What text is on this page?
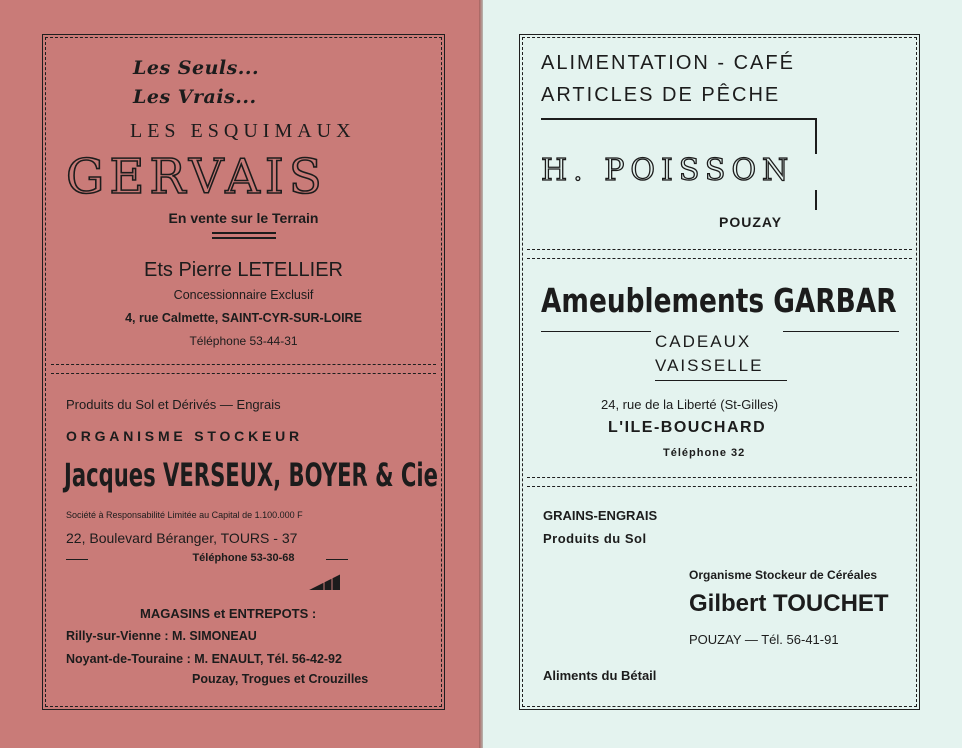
Les Seuls...
Les Vrais...
LES ESQUIMAUX
GERVAIS
En vente sur le Terrain
Ets Pierre LETELLIER
Concessionnaire Exclusif
4, rue Calmette, SAINT-CYR-SUR-LOIRE
Téléphone 53-44-31
Produits du Sol et Dérivés — Engrais
ORGANISME STOCKEUR
Jacques VERSEUX, BOYER & Cie
Société à Responsabilité Limitée au Capital de 1.100.000 F
22, Boulevard Béranger, TOURS - 37
Téléphone 53-30-68
MAGASINS et ENTREPOTS :
Rilly-sur-Vienne : M. SIMONEAU
Noyant-de-Touraine : M. ENAULT, Tél. 56-42-92
Pouzay, Trogues et Crouzilles
ALIMENTATION - CAFÉ
ARTICLES DE PÊCHE
H. POISSON
POUZAY
Ameublements GARBAR
CADEAUX
VAISSELLE
24, rue de la Liberté (St-Gilles)
L'ILE-BOUCHARD
Téléphone 32
GRAINS-ENGRAIS
Produits du Sol
Organisme Stockeur de Céréales
Gilbert TOUCHET
POUZAY — Tél. 56-41-91
Aliments du Bétail
